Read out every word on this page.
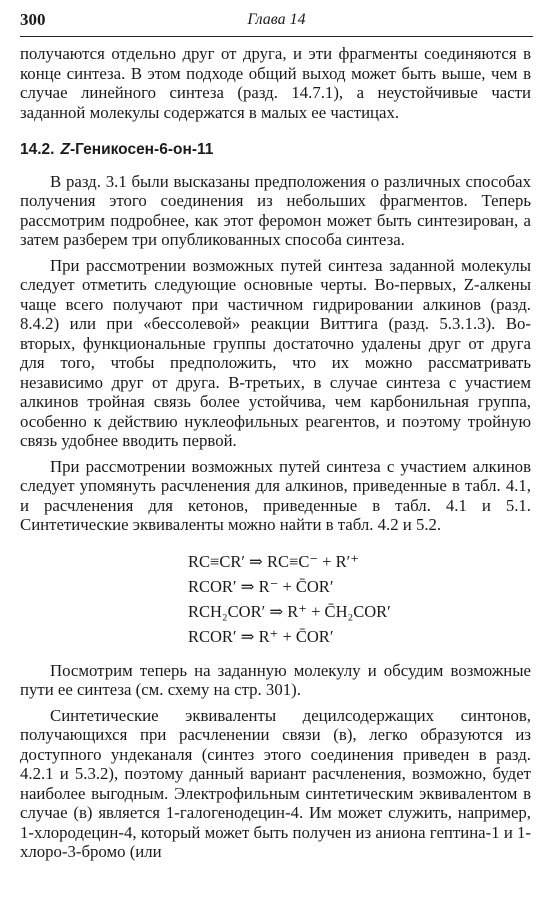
300	Глава 14

получаются отдельно друг от друга, и эти фрагменты соединяются в конце синтеза. В этом подходе общий выход может быть выше, чем в случае линейного синтеза (разд. 14.7.1), а неустойчивые части заданной молекулы содержатся в малых ее частицах.

14.2. Z-Геникосен-6-он-11

В разд. 3.1 были высказаны предположения о различных способах получения этого соединения из небольших фрагментов. Теперь рассмотрим подробнее, как этот феромон может быть синтезирован, а затем разберем три опубликованных способа синтеза.

При рассмотрении возможных путей синтеза заданной молекулы следует отметить следующие основные черты. Во-первых, Z-алкены чаще всего получают при частичном гидрировании алкинов (разд. 8.4.2) или при «бессолевой» реакции Виттига (разд. 5.3.1.3). Во-вторых, функциональные группы достаточно удалены друг от друга для того, чтобы предположить, что их можно рассматривать независимо друг от друга. В-третьих, в случае синтеза с участием алкинов тройная связь более устойчива, чем карбонильная группа, особенно к действию нуклеофильных реагентов, и поэтому тройную связь удобнее вводить первой.

При рассмотрении возможных путей синтеза с участием алкинов следует упомянуть расчленения для алкинов, приведенные в табл. 4.1, и расчленения для кетонов, приведенные в табл. 4.1 и 5.1. Синтетические эквиваленты можно найти в табл. 4.2 и 5.2.

RC≡CR′ ⇒ RC≡C⁻ + R′⁺
RCOR′ ⇒ R⁻ + C̄OR′
RCH₂COR′ ⇒ R⁺ + C̄H₂COR′
RCOR′ ⇒ R⁺ + C̄OR′

Посмотрим теперь на заданную молекулу и обсудим возможные пути ее синтеза (см. схему на стр. 301).

Синтетические эквиваленты децилсодержащих синтонов, получающихся при расчленении связи (в), легко образуются из доступного ундеканаля (синтез этого соединения приведен в разд. 4.2.1 и 5.3.2), поэтому данный вариант расчленения, возможно, будет наиболее выгодным. Электрофильным синтетическим эквивалентом в случае (в) является 1-галогенодецин-4. Им может служить, например, 1-хлородецин-4, который может быть получен из аниона гептина-1 и 1-хлоро-3-бромо (или
